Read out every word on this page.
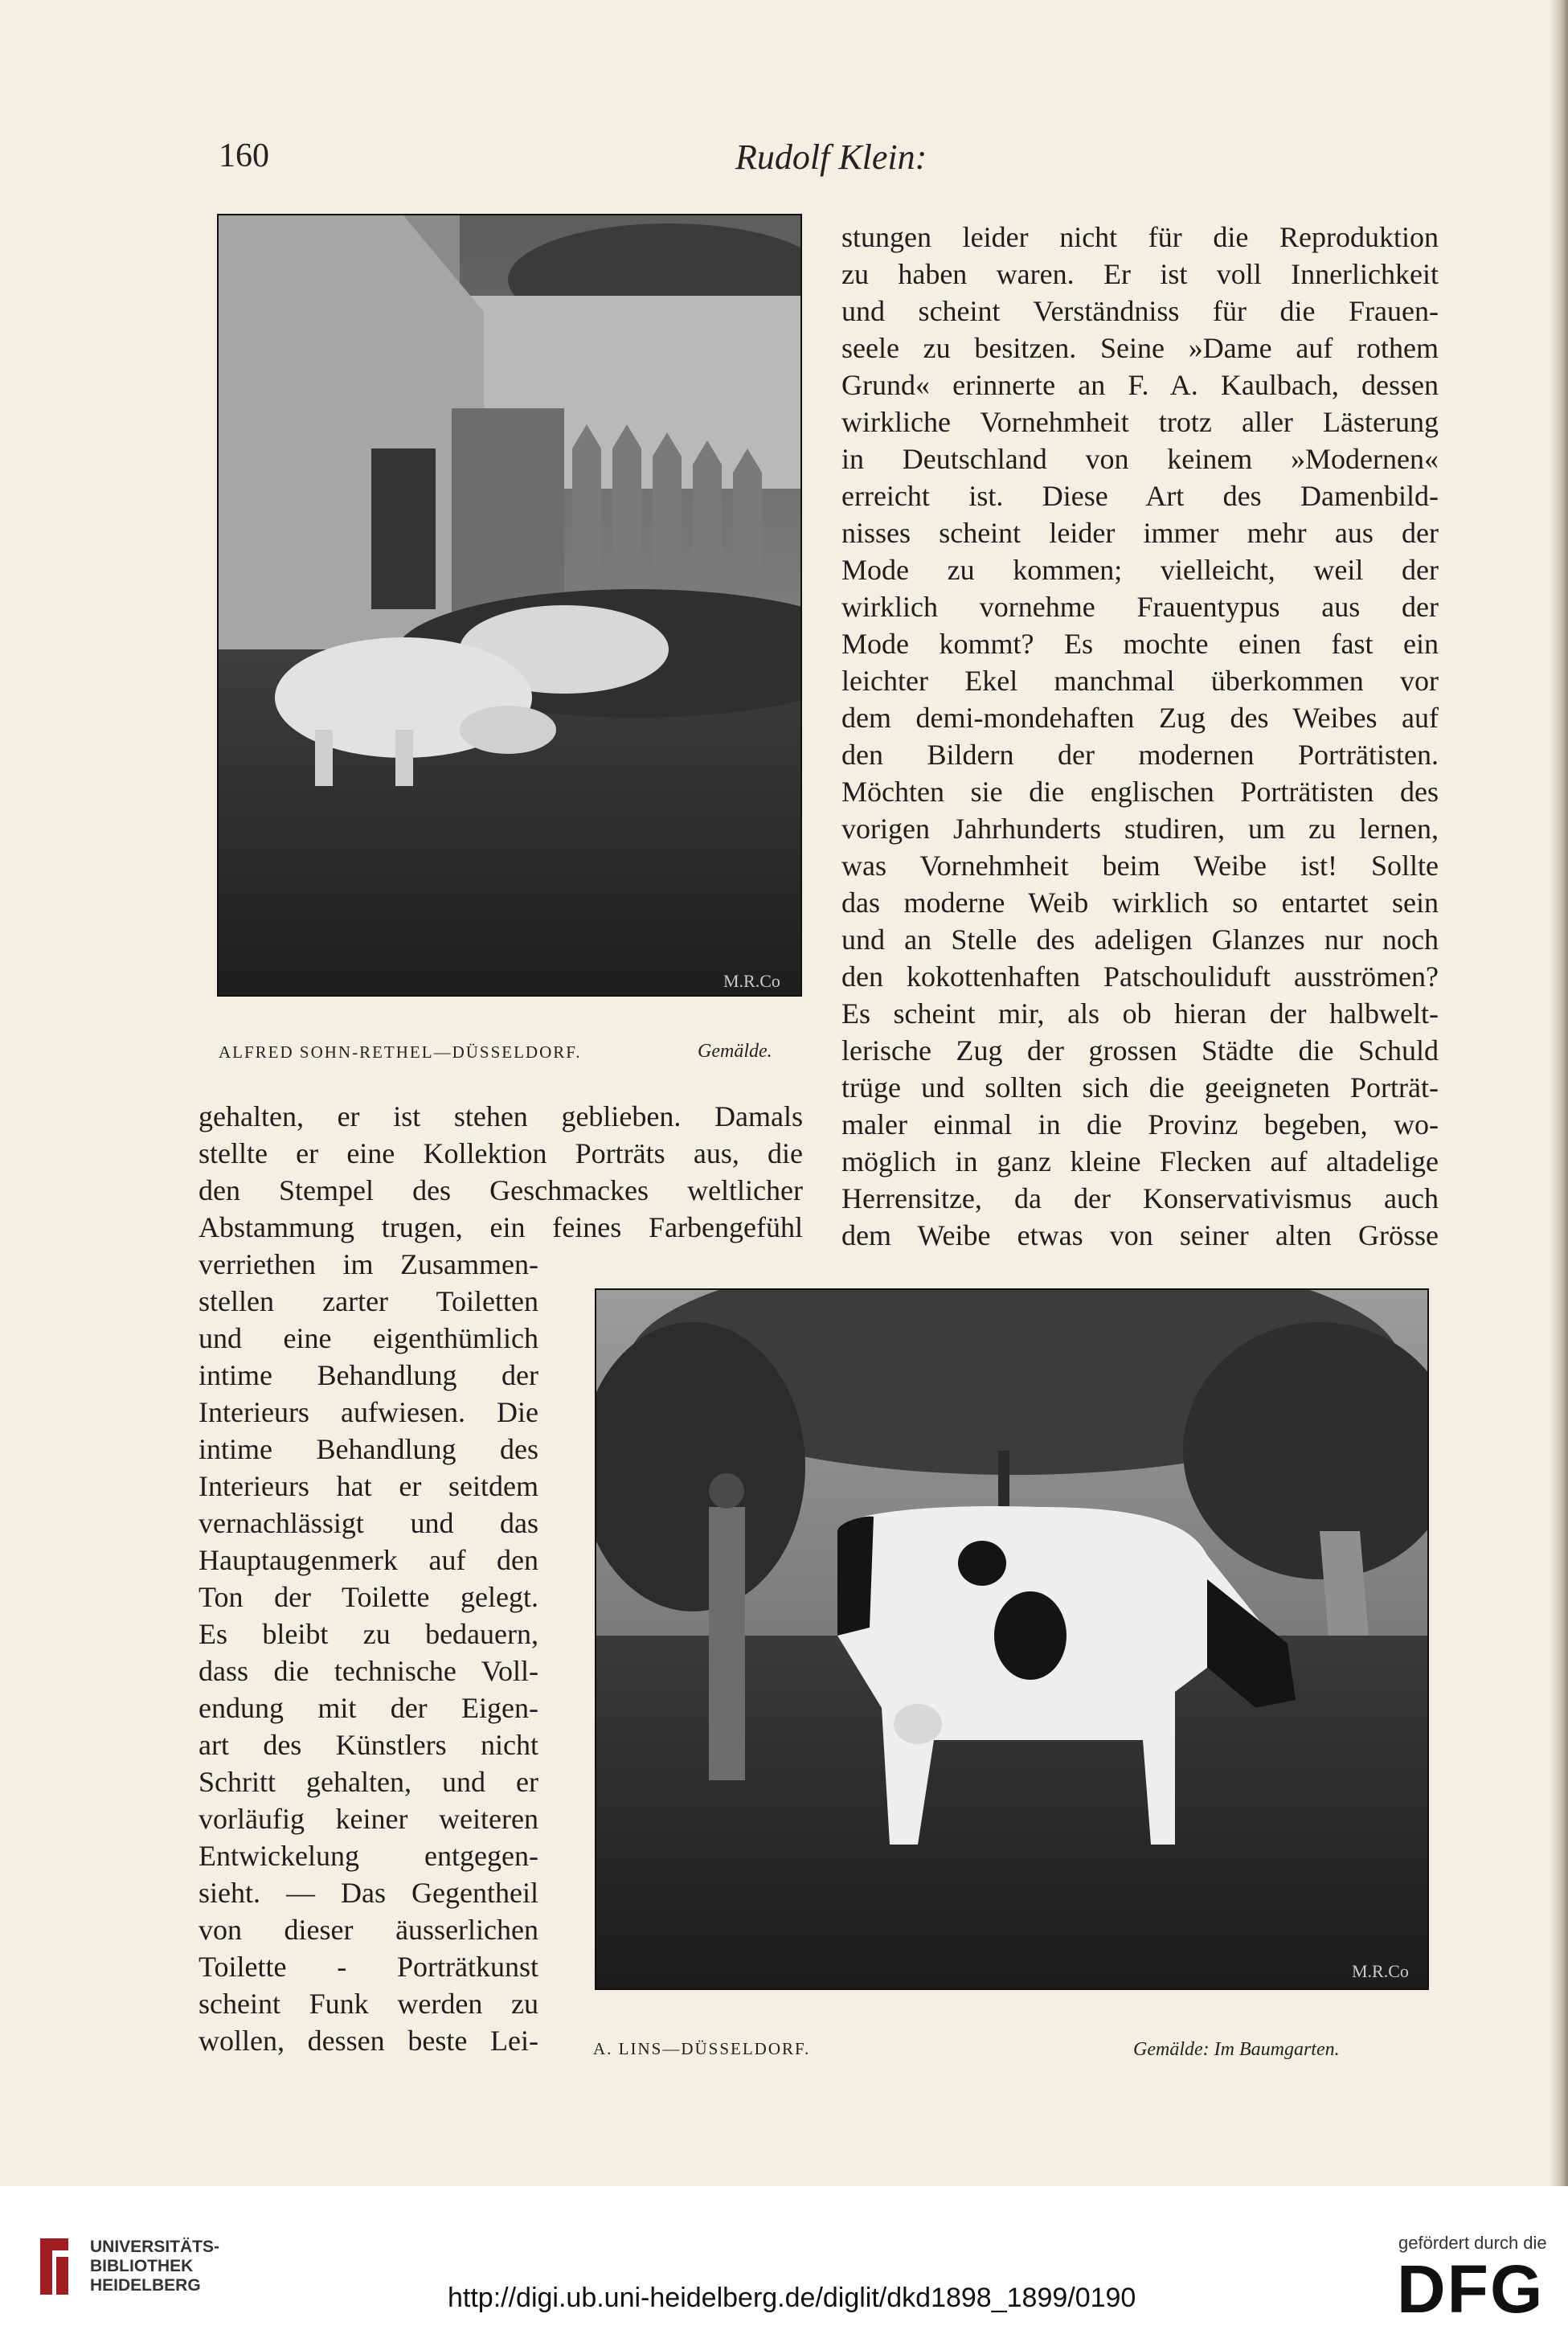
160	Rudolf Klein:
M.R.Co
ALFRED SOHN-RETHEL—DÜSSELDORF.	Gemälde.
stungen leider nicht für die Reproduktion
zu haben waren. Er ist voll Innerlichkeit
und scheint Verständniss für die Frauen-
seele zu besitzen. Seine »Dame auf rothem
Grund« erinnerte an F. A. Kaulbach, dessen
wirkliche Vornehmheit trotz aller Lästerung
in Deutschland von keinem »Modernen«
erreicht ist. Diese Art des Damenbild-
nisses scheint leider immer mehr aus der
Mode zu kommen; vielleicht, weil der
wirklich vornehme Frauentypus aus der
Mode kommt? Es mochte einen fast ein
leichter Ekel manchmal überkommen vor
dem demi-mondehaften Zug des Weibes auf
den Bildern der modernen Porträtisten.
Möchten sie die englischen Porträtisten des
vorigen Jahrhunderts studiren, um zu lernen,
was Vornehmheit beim Weibe ist! Sollte
das moderne Weib wirklich so entartet sein
und an Stelle des adeligen Glanzes nur noch
den kokottenhaften Patschouliduft ausströmen?
Es scheint mir, als ob hieran der halbwelt-
lerische Zug der grossen Städte die Schuld
trüge und sollten sich die geeigneten Porträt-
maler einmal in die Provinz begeben, wo-
möglich in ganz kleine Flecken auf altadelige
Herrensitze, da der Konservativismus auch
dem Weibe etwas von seiner alten Grösse
gehalten, er ist stehen geblieben. Damals
stellte er eine Kollektion Porträts aus, die
den Stempel des Geschmackes weltlicher
Abstammung trugen, ein feines Farbengefühl
verriethen im Zusammen-
stellen zarter Toiletten
und eine eigenthümlich
intime Behandlung der
Interieurs aufwiesen. Die
intime Behandlung des
Interieurs hat er seitdem
vernachlässigt und das
Hauptaugenmerk auf den
Ton der Toilette gelegt.
Es bleibt zu bedauern,
dass die technische Voll-
endung mit der Eigen-
art des Künstlers nicht
Schritt gehalten, und er
vorläufig keiner weiteren
Entwickelung entgegen-
sieht. — Das Gegentheil
von dieser äusserlichen
Toilette - Porträtkunst
scheint Funk werden zu
wollen, dessen beste Lei-
M.R.Co
A. LINS—DÜSSELDORF.	Gemälde: Im Baumgarten.
UNIVERSITÄTS-
BIBLIOTHEK
HEIDELBERG	http://digi.ub.uni-heidelberg.de/diglit/dkd1898_1899/0190
gefördert durch die
DFG
